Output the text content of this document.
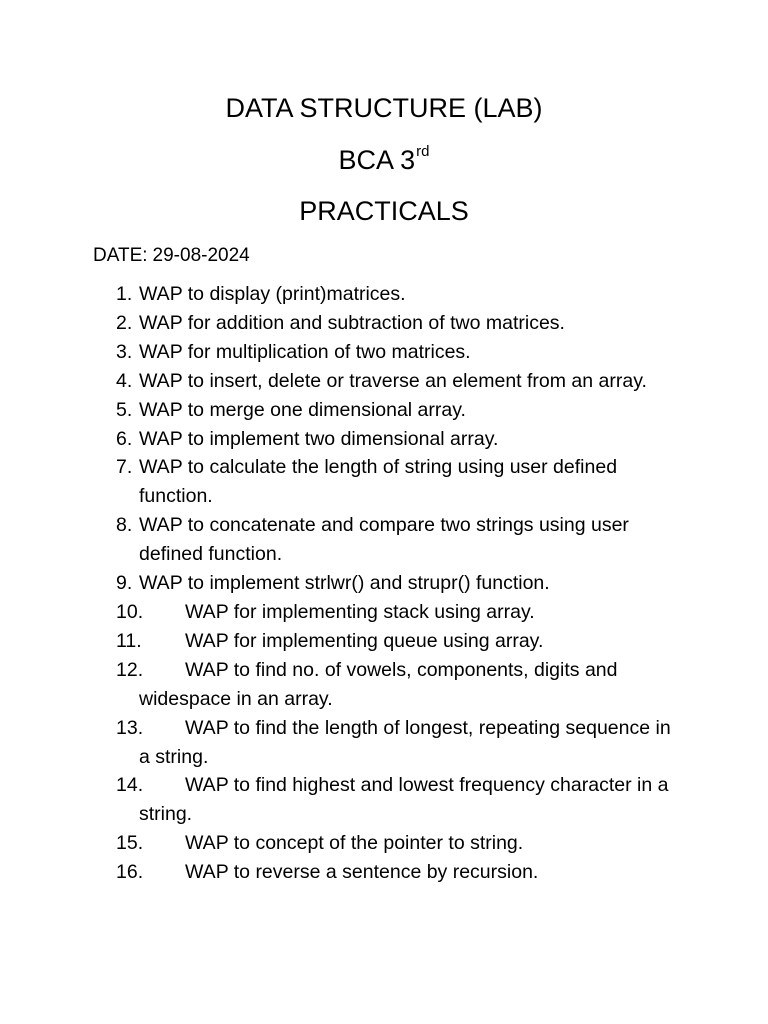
DATA STRUCTURE (LAB)
BCA 3rd
PRACTICALS
DATE: 29-08-2024
1. WAP to display (print)matrices.
2. WAP for addition and subtraction of two matrices.
3. WAP for multiplication of two matrices.
4. WAP to insert, delete or traverse an element from an array.
5. WAP to merge one dimensional array.
6. WAP to implement two dimensional array.
7. WAP to calculate the length of string using user defined function.
8. WAP to concatenate and compare two strings using user defined function.
9. WAP to implement strlwr() and strupr() function.
10.	WAP for implementing stack using array.
11.	WAP for implementing queue using array.
12.	WAP to find no. of vowels, components, digits and widespace in an array.
13.	WAP to find the length of longest, repeating sequence in a string.
14.	WAP to find highest and lowest frequency character in a string.
15.	WAP to concept of the pointer to string.
16.	WAP to reverse a sentence by recursion.
